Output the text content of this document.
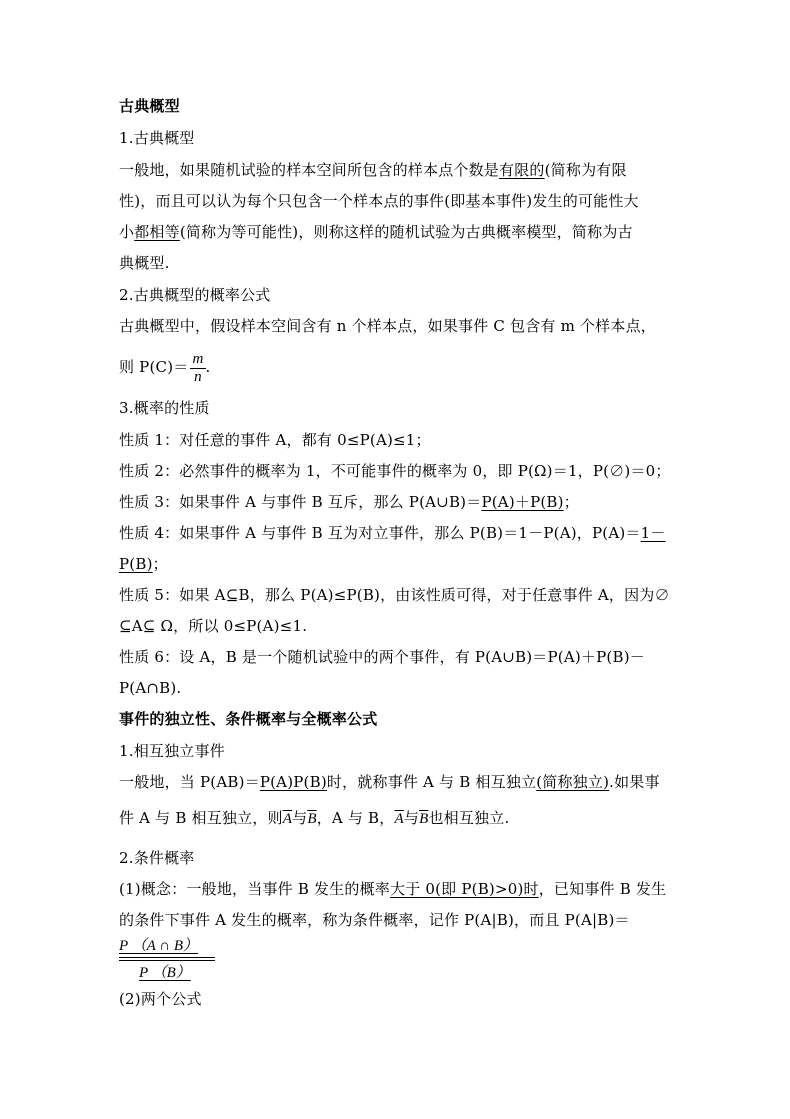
古典概型
1.古典概型
一般地，如果随机试验的样本空间所包含的样本点个数是有限的(简称为有限
性)，而且可以认为每个只包含一个样本点的事件(即基本事件)发生的可能性大
小都相等(简称为等可能性)，则称这样的随机试验为古典概率模型，简称为古
典概型.
2.古典概型的概率公式
古典概型中，假设样本空间含有 n 个样本点，如果事件 C 包含有 m 个样本点，
则 $P(C)= \frac{m}{n}$ .
3.概率的性质
性质 1：对任意的事件 A，都有 0≤P(A)≤1；
性质 2：必然事件的概率为 1，不可能事件的概率为 0，即 P(Ω)＝1，P(∅)＝0；
性质 3：如果事件 A 与事件 B 互斥，那么 P(A∪B)＝P(A)＋P(B)；
性质 4：如果事件 A 与事件 B 互为对立事件，那么 P(B)＝1－P(A)，P(A)＝1－
P(B)；
性质 5：如果 A⊆B，那么 P(A)≤P(B)，由该性质可得，对于任意事件 A，因为∅
⊆A⊆ Ω，所以 0≤P(A)≤1.
性质 6：设 A，B 是一个随机试验中的两个事件，有 P(A∪B)＝P(A)＋P(B)－
P(A∩B).
事件的独立性、条件概率与全概率公式
1.相互独立事件
一般地，当 P(AB)＝P(A)P(B)时，就称事件 A 与 B 相互独立(简称独立).如果事
件 A 与 B 相互独立，则$\overline{A}$与$\overline{B}$，A 与 B，$\overline{A}$与$\overline{B}$也相互独立.
2.条件概率
(1)概念：一般地，当事件 B 发生的概率大于 0(即 P(B)>0)时，已知事件 B 发生
的条件下事件 A 发生的概率，称为条件概率，记作 P(A|B)，而且 P(A|B)＝
$\frac{P (A \cap B)}{P (B)}$
(2)两个公式
